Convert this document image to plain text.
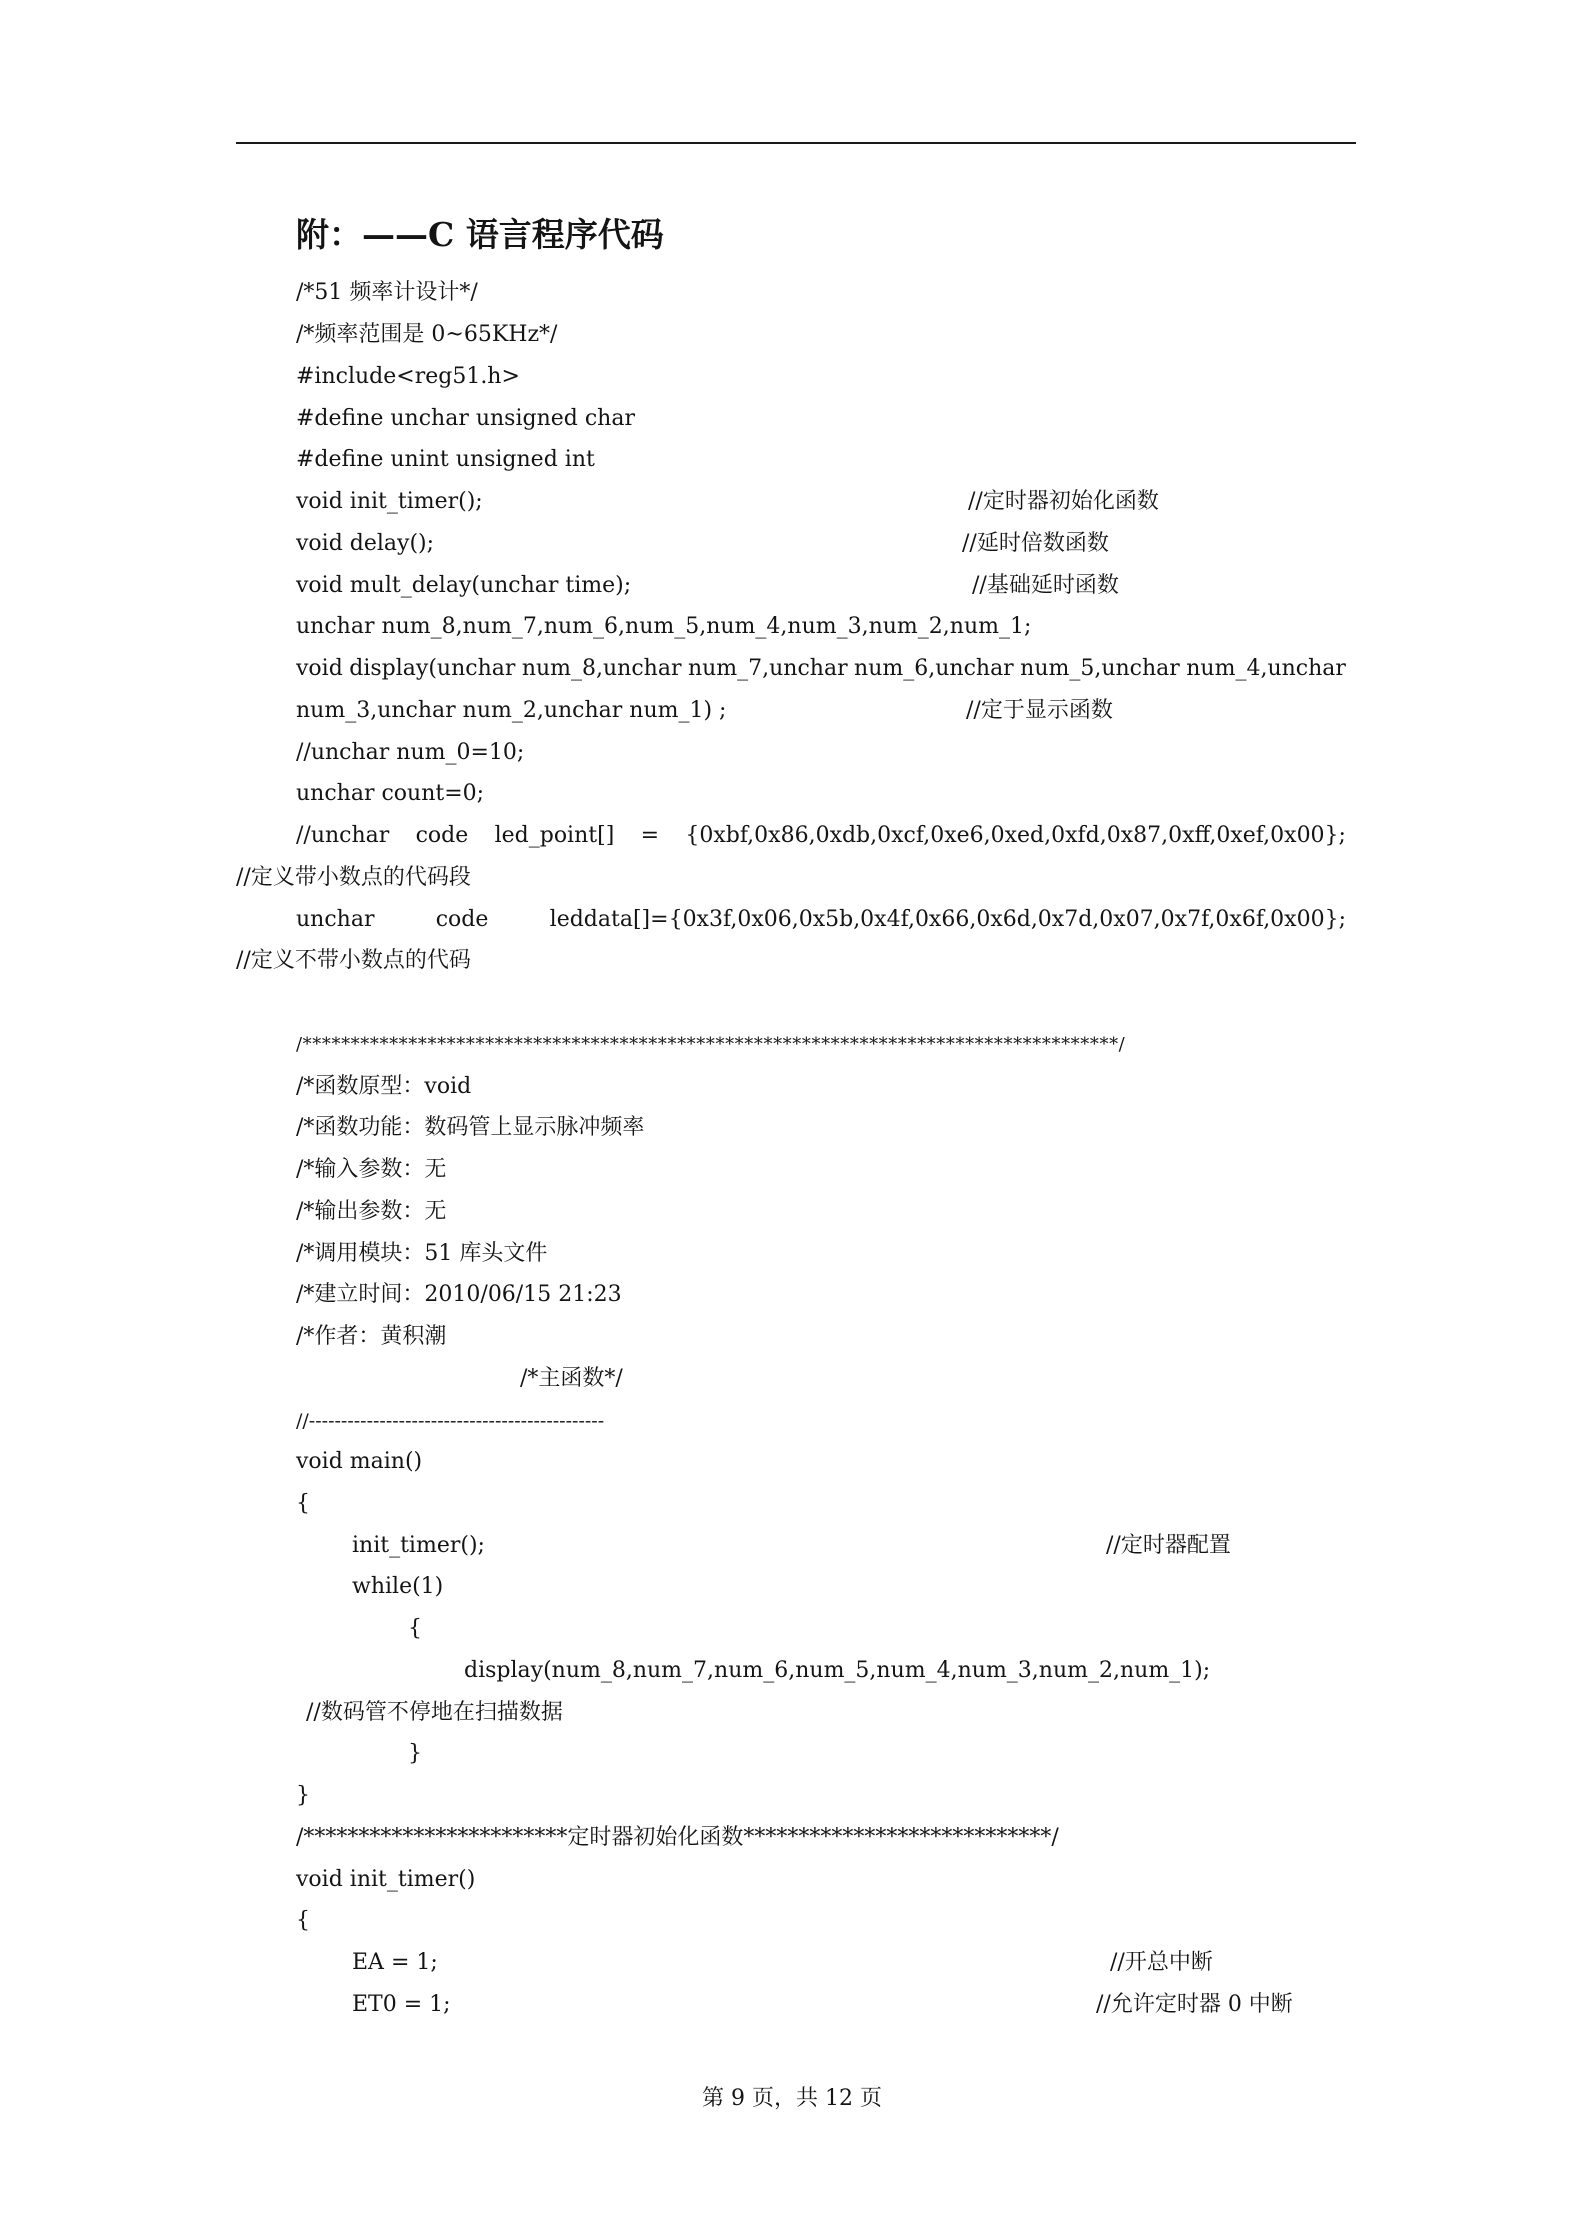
附：——C 语言程序代码
/*51 频率计设计*/
/*频率范围是 0~65KHz*/
#include<reg51.h>
#define unchar unsigned char
#define unint unsigned int
void init_timer();	//定时器初始化函数
void delay();	//延时倍数函数
void mult_delay(unchar time);	//基础延时函数
unchar num_8,num_7,num_6,num_5,num_4,num_3,num_2,num_1;
void display(unchar num_8,unchar num_7,unchar num_6,unchar num_5,unchar num_4,unchar
num_3,unchar num_2,unchar num_1) ;	//定于显示函数
//unchar num_0=10;
unchar count=0;
//unchar code led_point[] = {0xbf,0x86,0xdb,0xcf,0xe6,0xed,0xfd,0x87,0xff,0xef,0x00};
//定义带小数点的代码段
unchar	code	leddata[]={0x3f,0x06,0x5b,0x4f,0x66,0x6d,0x7d,0x07,0x7f,0x6f,0x00};
//定义不带小数点的代码
/*************************************************************************************/
/*函数原型：void
/*函数功能：数码管上显示脉冲频率
/*输入参数：无
/*输出参数：无
/*调用模块：51 库头文件
/*建立时间：2010/06/15 21:23
/*作者：黄积潮
/*主函数*/
//----------------------------------------------
void main()
{
init_timer();	//定时器配置
while(1)
{
display(num_8,num_7,num_6,num_5,num_4,num_3,num_2,num_1);
//数码管不停地在扫描数据
}
}
/************************定时器初始化函数****************************/
void init_timer()
{
EA = 1;	//开总中断
ET0 = 1;	//允许定时器 0 中断
第 9 页，共 12 页
